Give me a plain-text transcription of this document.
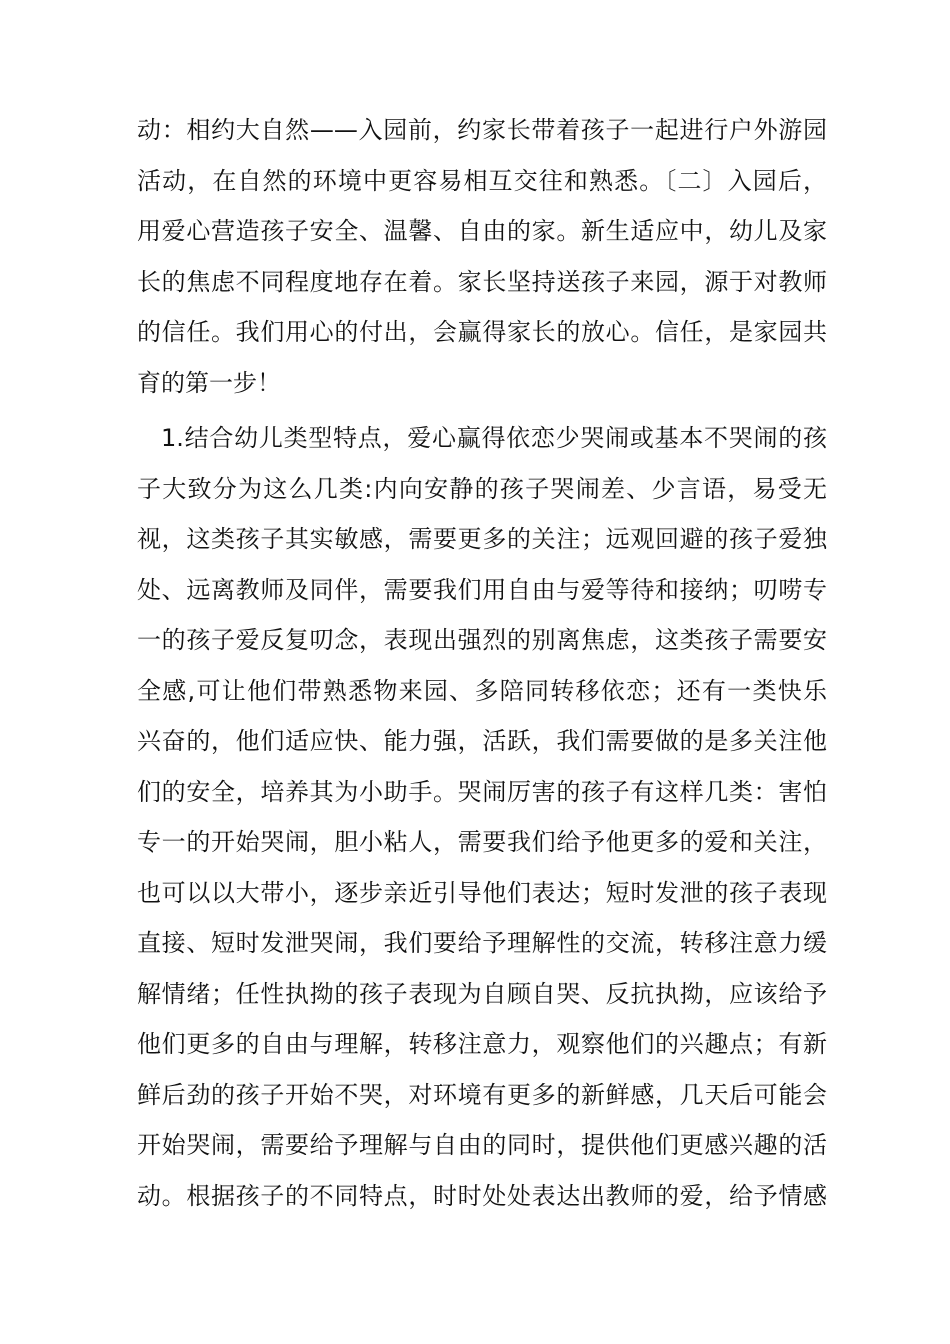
动：相约大自然——入园前，约家长带着孩子一起进行户外游园
活动，在自然的环境中更容易相互交往和熟悉。〔二〕入园后，
用爱心营造孩子安全、温馨、自由的家。新生适应中，幼儿及家
长的焦虑不同程度地存在着。家长坚持送孩子来园，源于对教师
的信任。我们用心的付出，会赢得家长的放心。信任，是家园共
育的第一步！
1.结合幼儿类型特点，爱心赢得依恋少哭闹或基本不哭闹的孩
子大致分为这么几类:内向安静的孩子哭闹差、少言语，易受无
视，这类孩子其实敏感，需要更多的关注；远观回避的孩子爱独
处、远离教师及同伴，需要我们用自由与爱等待和接纳；叨唠专
一的孩子爱反复叨念，表现出强烈的别离焦虑，这类孩子需要安
全感,可让他们带熟悉物来园、多陪同转移依恋；还有一类快乐
兴奋的，他们适应快、能力强，活跃，我们需要做的是多关注他
们的安全，培养其为小助手。哭闹厉害的孩子有这样几类：害怕
专一的开始哭闹，胆小粘人，需要我们给予他更多的爱和关注，
也可以以大带小，逐步亲近引导他们表达；短时发泄的孩子表现
直接、短时发泄哭闹，我们要给予理解性的交流，转移注意力缓
解情绪；任性执拗的孩子表现为自顾自哭、反抗执拗，应该给予
他们更多的自由与理解，转移注意力，观察他们的兴趣点；有新
鲜后劲的孩子开始不哭，对环境有更多的新鲜感，几天后可能会
开始哭闹，需要给予理解与自由的同时，提供他们更感兴趣的活
动。根据孩子的不同特点，时时处处表达出教师的爱，给予情感
